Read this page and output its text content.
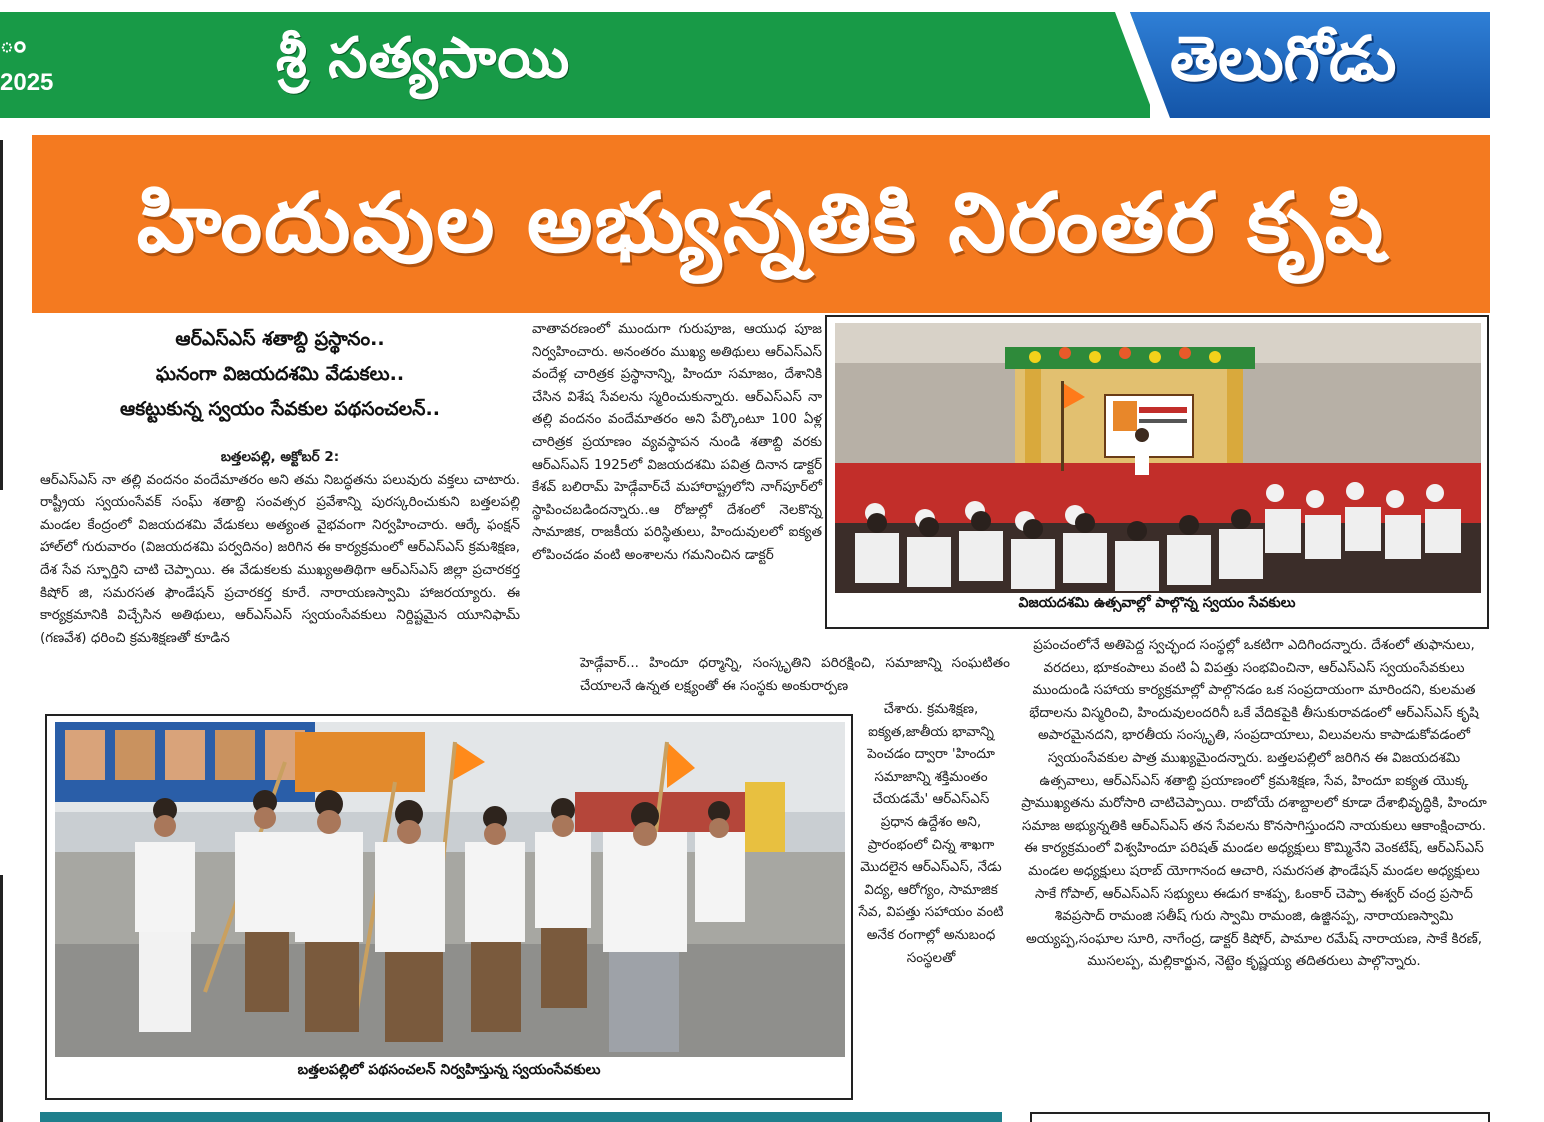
ం
2025	శ్రీ సత్యసాయి	తెలుగోడు
హిందువుల అభ్యున్నతికి నిరంతర కృషి
ఆర్ఎస్ఎస్ శతాబ్ది ప్రస్థానం..
ఘనంగా విజయదశమి వేడుకలు..
ఆకట్టుకున్న స్వయం సేవకుల పథసంచలన్..
బత్తలపల్లి, అక్టోబర్ 2:
ఆర్ఎస్ఎస్ నా తల్లి వందనం వందేమాతరం అని తమ నిబద్ధతను పలువురు వక్తలు చాటారు. రాష్ట్రీయ స్వయంసేవక్ సంఘ్ శతాబ్ది సంవత్సర ప్రవేశాన్ని పురస్కరించుకుని బత్తలపల్లి మండల కేంద్రంలో విజయదశమి వేడుకలు అత్యంత వైభవంగా నిర్వహించారు. ఆర్కే ఫంక్షన్ హాల్‌లో గురువారం (విజయదశమి పర్వదినం) జరిగిన ఈ కార్యక్రమంలో ఆర్ఎస్ఎస్ క్రమశిక్షణ, దేశ సేవ స్ఫూర్తిని చాటి చెప్పాయి. ఈ వేడుకలకు ముఖ్యఅతిథిగా ఆర్ఎస్ఎస్ జిల్లా ప్రచారకర్త కిషోర్ జి, సమరసత ఫౌండేషన్ ప్రచారకర్త కూరే. నారాయణస్వామి హాజరయ్యారు. ఈ కార్యక్రమానికి విచ్చేసిన అతిథులు, ఆర్ఎస్ఎస్ స్వయంసేవకులు నిర్దిష్టమైన యూనిఫామ్ (గణవేశ) ధరించి క్రమశిక్షణతో కూడిన
వాతావరణంలో ముందుగా గురుపూజ, ఆయుధ పూజ నిర్వహించారు. అనంతరం ముఖ్య అతిథులు ఆర్ఎస్ఎస్ వందేళ్ల చారిత్రక ప్రస్థానాన్ని, హిందూ సమాజం, దేశానికి చేసిన విశేష సేవలను స్మరించుకున్నారు. ఆర్ఎస్ఎస్ నా తల్లి వందనం వందేమాతరం అని పేర్కొంటూ 100 ఏళ్ల చారిత్రక ప్రయాణం వ్యవస్థాపన నుండి శతాబ్ది వరకు ఆర్ఎస్ఎస్ 1925లో విజయదశమి పవిత్ర దినాన డాక్టర్ కేశవ్ బలిరామ్ హెడ్గేవార్‌చే మహారాష్ట్రలోని నాగ్‌పూర్‌లో స్థాపించబడిందన్నారు..ఆ రోజుల్లో దేశంలో నెలకొన్న సామాజిక, రాజకీయ పరిస్థితులు, హిందువులలో ఐక్యత లోపించడం వంటి అంశాలను గమనించిన డాక్టర్
హెడ్గేవార్... హిందూ ధర్మాన్ని, సంస్కృతిని పరిరక్షించి, సమాజాన్ని సంఘటితం చేయాలనే ఉన్నత లక్ష్యంతో ఈ సంస్థకు అంకురార్పణ
చేశారు. క్రమశిక్షణ, ఐక్యత,జాతీయ భావాన్ని పెంచడం ద్వారా 'హిందూ సమాజాన్ని శక్తిమంతం చేయడమే' ఆర్ఎస్ఎస్ ప్రధాన ఉద్దేశం అని, ప్రారంభంలో చిన్న శాఖగా మొదలైన ఆర్ఎస్ఎస్, నేడు విద్య, ఆరోగ్యం, సామాజిక సేవ, విపత్తు సహాయం వంటి అనేక రంగాల్లో అనుబంధ సంస్థలతో
ప్రపంచంలోనే అతిపెద్ద స్వచ్ఛంద సంస్థల్లో ఒకటిగా ఎదిగిందన్నారు. దేశంలో తుఫానులు, వరదలు, భూకంపాలు వంటి ఏ విపత్తు సంభవించినా, ఆర్ఎస్ఎస్ స్వయంసేవకులు ముందుండి సహాయ కార్యక్రమాల్లో పాల్గొనడం ఒక సంప్రదాయంగా మారిందని, కులమత భేదాలను విస్మరించి, హిందువులందరినీ ఒకే వేదికపైకి తీసుకురావడంలో ఆర్ఎస్ఎస్ కృషి అపారమైనదని, భారతీయ సంస్కృతి, సంప్రదాయాలు, విలువలను కాపాడుకోవడంలో స్వయంసేవకుల పాత్ర ముఖ్యమైందన్నారు. బత్తలపల్లిలో జరిగిన ఈ విజయదశమి ఉత్సవాలు, ఆర్ఎస్ఎస్ శతాబ్ది ప్రయాణంలో క్రమశిక్షణ, సేవ, హిందూ ఐక్యత యొక్క ప్రాముఖ్యతను మరోసారి చాటిచెప్పాయి. రాబోయే దశాబ్దాలలో కూడా దేశాభివృద్ధికి, హిందూ సమాజ అభ్యున్నతికి ఆర్ఎస్ఎస్ తన సేవలను కొనసాగిస్తుందని నాయకులు ఆకాంక్షించారు. ఈ కార్యక్రమంలో విశ్వహిందూ పరిషత్ మండల అధ్యక్షులు కొమ్మినేని వెంకటేష్, ఆర్ఎస్ఎస్ మండల అధ్యక్షులు షరాబ్ యోగానంద ఆచారి, సమరసత ఫౌండేషన్ మండల అధ్యక్షులు సాకే గోపాల్, ఆర్ఎస్ఎస్ సభ్యులు ఈడుగ కాశప్ప, ఓంకార్ చెప్పా ఈశ్వర్ చంద్ర ప్రసాద్ శివప్రసాద్ రామంజి సతీష్ గురు స్వామి రామంజి, ఉజ్జినప్ప, నారాయణస్వామి అయ్యప్ప,సంఘాల సూరి, నాగేంద్ర, డాక్టర్ కిషోర్, పామాల రమేష్ నారాయణ, సాకే కిరణ్, ముసలప్ప, మల్లికార్జున, నెట్టెం కృష్ణయ్య తదితరులు పాల్గొన్నారు.
విజయదశమి ఉత్సవాల్లో పాల్గొన్న స్వయం సేవకులు
బత్తలపల్లిలో పథసంచలన్ నిర్వహిస్తున్న స్వయంసేవకులు
